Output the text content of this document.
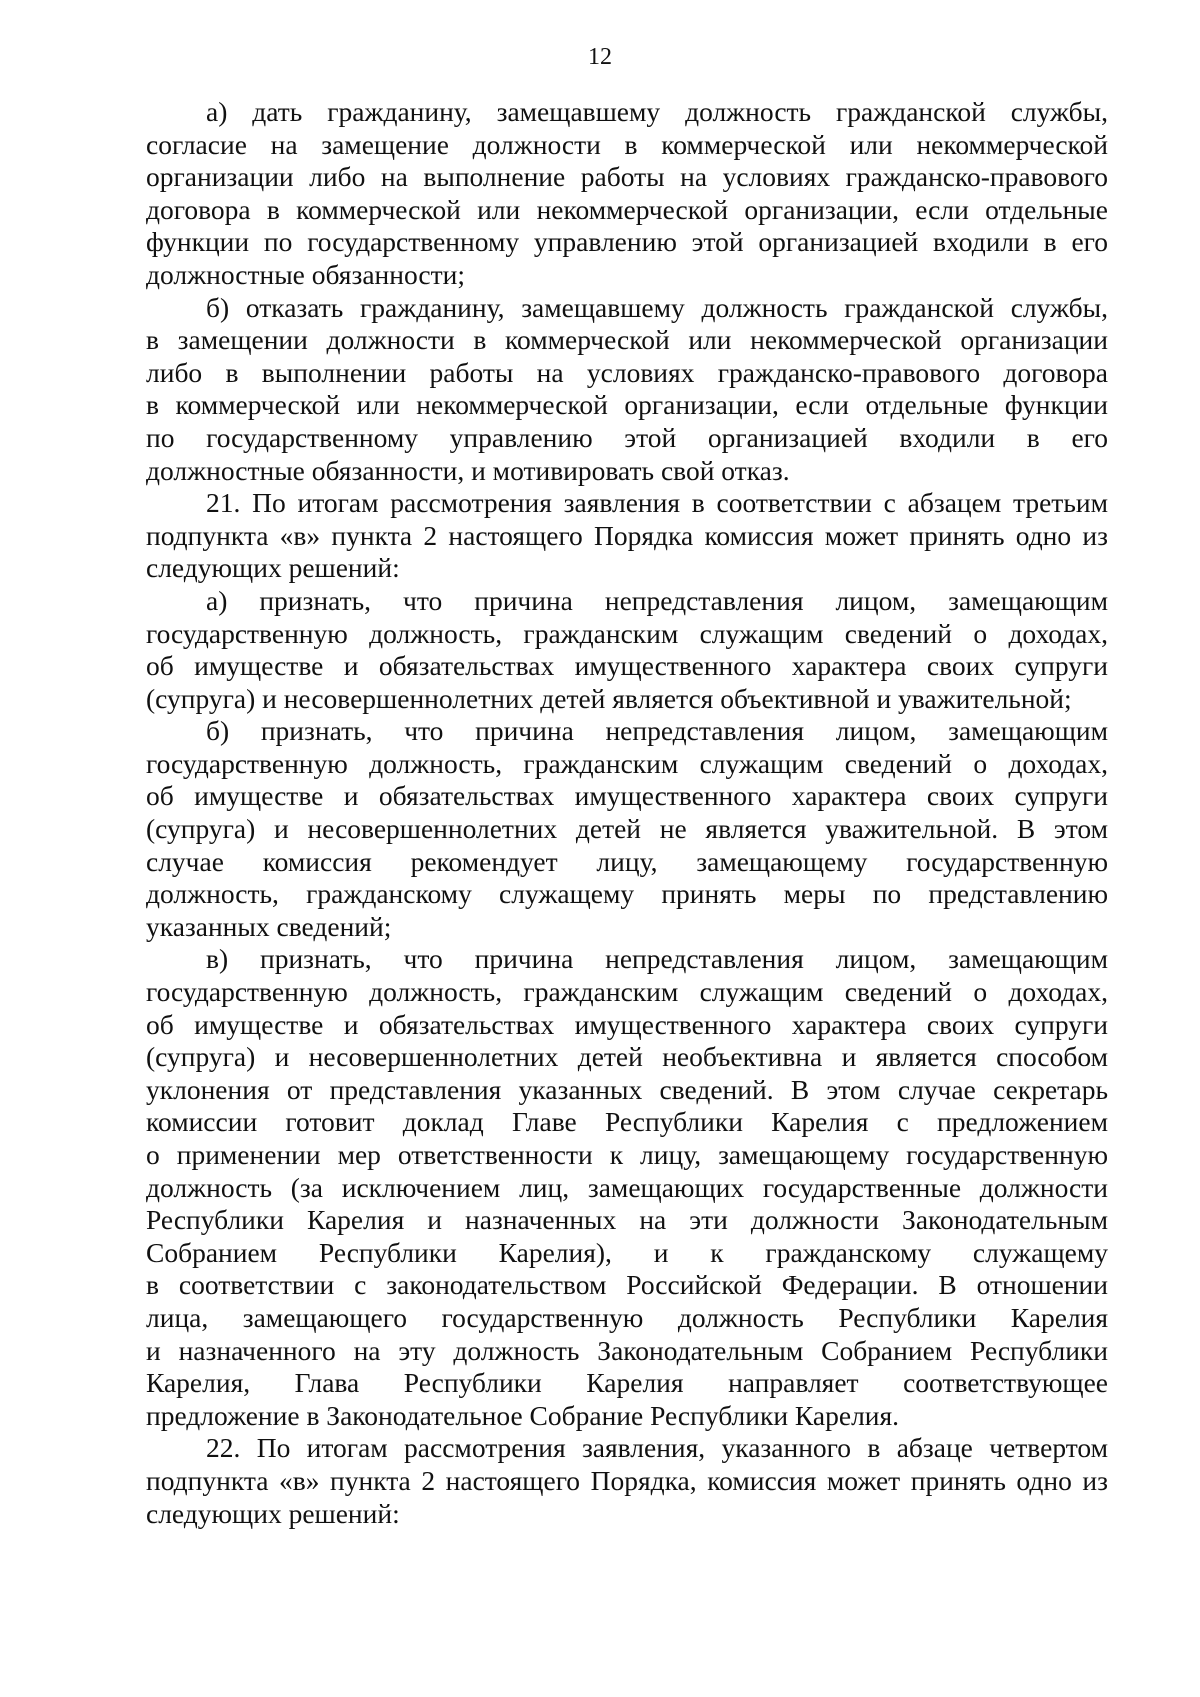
12
а) дать гражданину, замещавшему должность гражданской службы,
согласие на замещение должности в коммерческой или некоммерческой
организации либо на выполнение работы на условиях гражданско-правового
договора в коммерческой или некоммерческой организации, если отдельные
функции по государственному управлению этой организацией входили в его
должностные обязанности;
б) отказать гражданину, замещавшему должность гражданской службы,
в замещении должности в коммерческой или некоммерческой организации
либо в выполнении работы на условиях гражданско-правового договора
в коммерческой или некоммерческой организации, если отдельные функции
по государственному управлению этой организацией входили в его
должностные обязанности, и мотивировать свой отказ.
21. По итогам рассмотрения заявления в соответствии с абзацем третьим
подпункта «в» пункта 2 настоящего Порядка комиссия может принять одно из
следующих решений:
а) признать, что причина непредставления лицом, замещающим
государственную должность, гражданским служащим сведений о доходах,
об имуществе и обязательствах имущественного характера своих супруги
(супруга) и несовершеннолетних детей является объективной и уважительной;
б) признать, что причина непредставления лицом, замещающим
государственную должность, гражданским служащим сведений о доходах,
об имуществе и обязательствах имущественного характера своих супруги
(супруга) и несовершеннолетних детей не является уважительной. В этом
случае комиссия рекомендует лицу, замещающему государственную
должность, гражданскому служащему принять меры по представлению
указанных сведений;
в) признать, что причина непредставления лицом, замещающим
государственную должность, гражданским служащим сведений о доходах,
об имуществе и обязательствах имущественного характера своих супруги
(супруга) и несовершеннолетних детей необъективна и является способом
уклонения от представления указанных сведений. В этом случае секретарь
комиссии готовит доклад Главе Республики Карелия с предложением
о применении мер ответственности к лицу, замещающему государственную
должность (за исключением лиц, замещающих государственные должности
Республики Карелия и назначенных на эти должности Законодательным
Собранием Республики Карелия), и к гражданскому служащему
в соответствии с законодательством Российской Федерации. В отношении
лица, замещающего государственную должность Республики Карелия
и назначенного на эту должность Законодательным Собранием Республики
Карелия, Глава Республики Карелия направляет соответствующее
предложение в Законодательное Собрание Республики Карелия.
22. По итогам рассмотрения заявления, указанного в абзаце четвертом
подпункта «в» пункта 2 настоящего Порядка, комиссия может принять одно из
следующих решений:
